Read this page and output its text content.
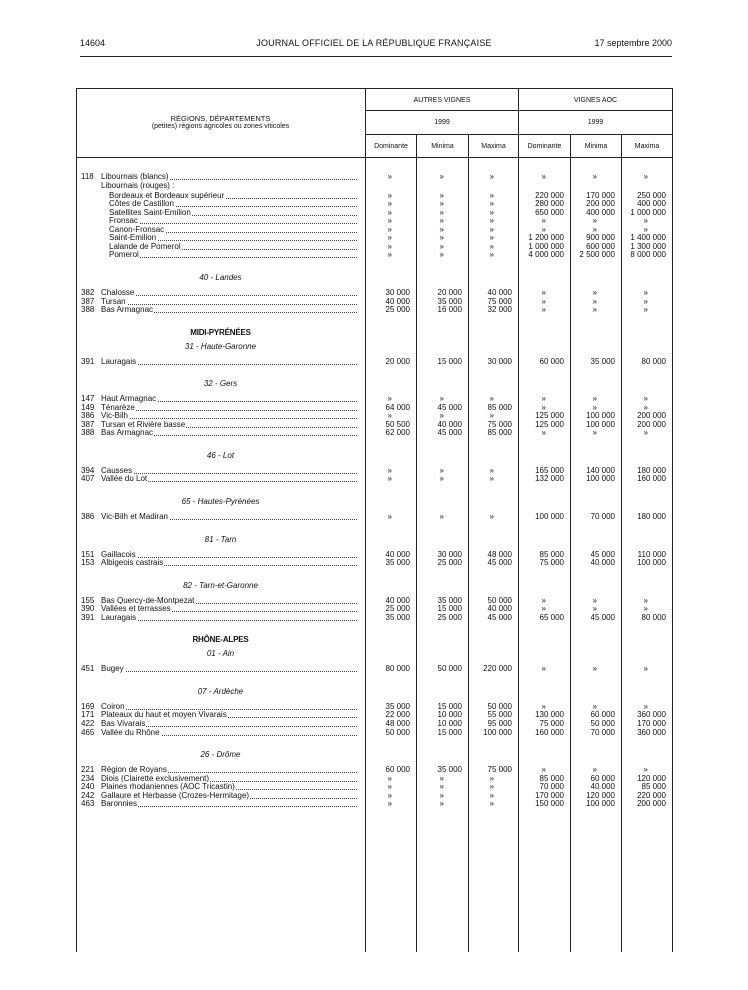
14604	JOURNAL OFFICIEL DE LA RÉPUBLIQUE FRANÇAISE	17 septembre 2000
RÉGIONS, DÉPARTEMENTS
(petites) régions agricoles ou zones viticoles
AUTRES VIGNES	VIGNES AOC
1999	1999
Dominante	Minima	Maxima	Dominante	Minima	Maxima
118 Libournais (blancs)	»	»	»	»	»	»
Libournais (rouges) :
Bordeaux et Bordeaux supérieur	»	»	»	220 000	170 000	250 000
Côtes de Castillon	»	»	»	280 000	200 000	400 000
Satellites Saint-Emilion	»	»	»	650 000	400 000	1 000 000
Fronsac	»	»	»	»	»	»
Canon-Fronsac	»	»	»	»	»	»
Saint-Emilion	»	»	»	1 200 000	900 000	1 400 000
Lalande de Pomerol	»	»	»	1 000 000	600 000	1 300 000
Pomerol	»	»	»	4 000 000	2 500 000	8 000 000
40 - Landes
382 Chalosse	30 000	20 000	40 000	»	»	»
387 Tursan	40 000	35 000	75 000	»	»	»
388 Bas Armagnac	25 000	16 000	32 000	»	»	»
MIDI-PYRÉNÉES
31 - Haute-Garonne
391 Lauragais	20 000	15 000	30 000	60 000	35 000	80 000
32 - Gers
147 Haut Armagnac	»	»	»	»	»	»
149 Ténarèze	64 000	45 000	85 000	»	»	»
386 Vic-Bilh	»	»	»	125 000	100 000	200 000
387 Tursan et Rivière basse	50 500	40 000	75 000	125 000	100 000	200 000
388 Bas Armagnac	62 000	45 000	85 000	»	»	»
46 - Lot
394 Causses	»	»	»	165 000	140 000	180 000
407 Vallée du Lot	»	»	»	132 000	100 000	160 000
65 - Hautes-Pyrénées
386 Vic-Bilh et Madiran	»	»	»	100 000	70 000	180 000
81 - Tarn
151 Gaillacois	40 000	30 000	48 000	85 000	45 000	110 000
153 Albigeois castrais	35 000	25 000	45 000	75 000	40 000	100 000
82 - Tarn-et-Garonne
155 Bas Quercy-de-Montpezat	40 000	35 000	50 000	»	»	»
390 Vallées et terrasses	25 000	15 000	40 000	»	»	»
391 Lauragais	35 000	25 000	45 000	65 000	45 000	80 000
RHÔNE-ALPES
01 - Ain
451 Bugey	80 000	50 000	220 000	»	»	»
07 - Ardèche
169 Coiron	35 000	15 000	50 000	»	»	»
171 Plateaux du haut et moyen Vivarais	22 000	10 000	55 000	130 000	60 000	360 000
422 Bas Vivarais	48 000	10 000	95 000	75 000	50 000	170 000
465 Vallée du Rhône	50 000	15 000	100 000	160 000	70 000	360 000
26 - Drôme
221 Région de Royans	60 000	35 000	75 000	»	»	»
234 Diois (Clairette exclusivement)	»	»	»	85 000	60 000	120 000
240 Plaines rhodaniennes (AOC Tricastin)	»	»	»	70 000	40 000	85 000
242 Gallaure et Herbasse (Crozes-Hermitage)	»	»	»	170 000	120 000	220 000
463 Baronnies	»	»	»	150 000	100 000	200 000
